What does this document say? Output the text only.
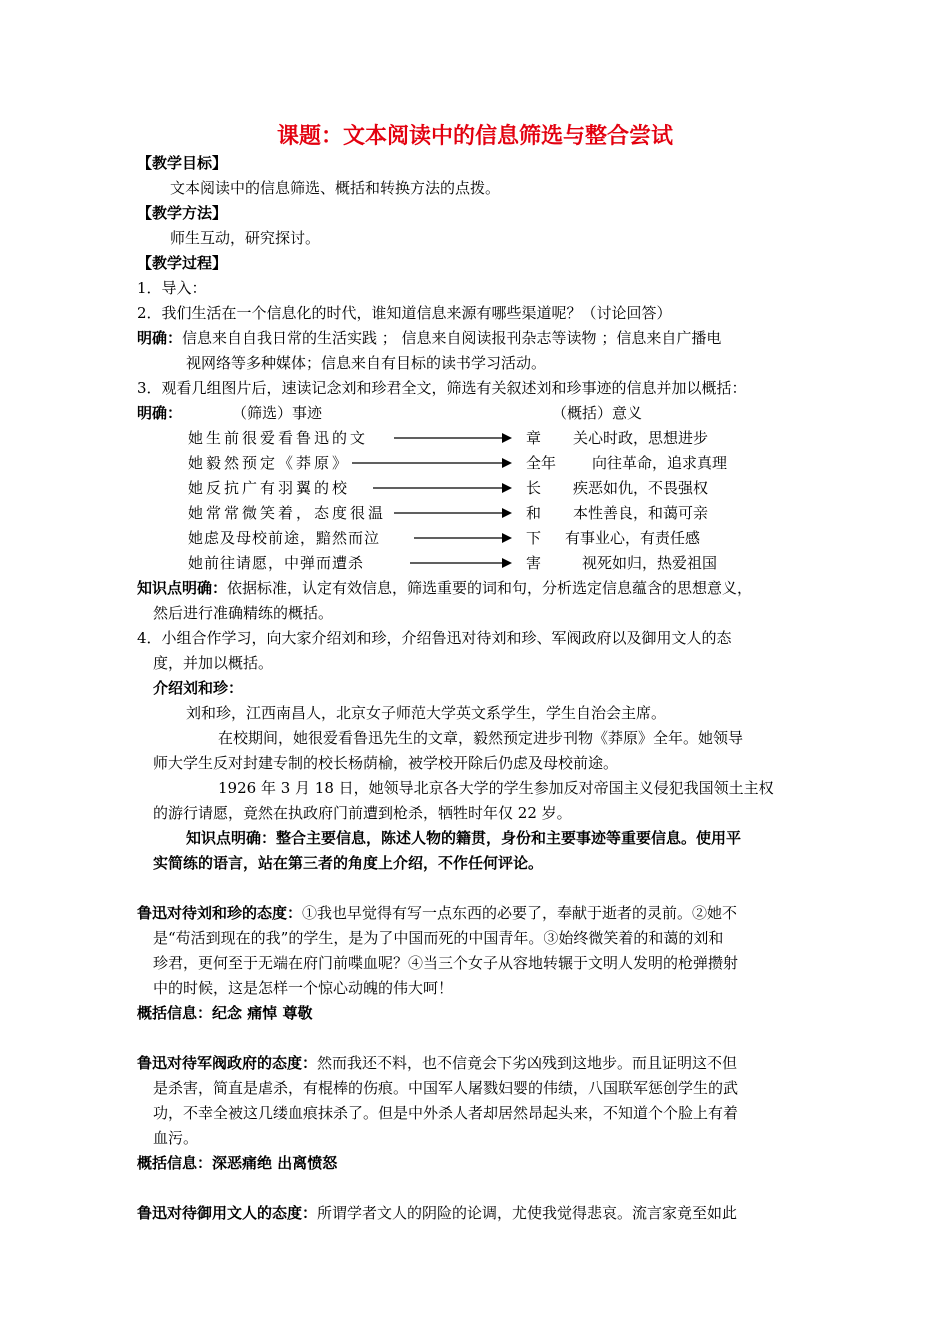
课题：文本阅读中的信息筛选与整合尝试
【教学目标】
文本阅读中的信息筛选、概括和转换方法的点拨。
【教学方法】
师生互动，研究探讨。
【教学过程】
1．导入：
2．我们生活在一个信息化的时代，谁知道信息来源有哪些渠道呢？（讨论回答）
明确：信息来自自我日常的生活实践 ； 信息来自阅读报刊杂志等读物 ；信息来自广播电
视网络等多种媒体；信息来自有目标的读书学习活动。
3．观看几组图片后，速读记念刘和珍君全文，筛选有关叙述刘和珍事迹的信息并加以概括：
明确：	（筛选）事迹	（概括）意义
她生前很爱看鲁迅的文	章 关心时政，思想进步
她毅然预定《莽原》	全年 向往革命，追求真理
她反抗广有羽翼的校	长 疾恶如仇，不畏强权
她常常微笑着，态度很温	和 本性善良，和蔼可亲
她虑及母校前途，黯然而泣	下 有事业心，有责任感
她前往请愿，中弹而遭杀	害	视死如归，热爱祖国
知识点明确：依据标准，认定有效信息，筛选重要的词和句，分析选定信息蕴含的思想意义，
然后进行准确精练的概括。
4．小组合作学习，向大家介绍刘和珍，介绍鲁迅对待刘和珍、军阀政府以及御用文人的态
度，并加以概括。
介绍刘和珍：
刘和珍，江西南昌人，北京女子师范大学英文系学生，学生自治会主席。
在校期间，她很爱看鲁迅先生的文章，毅然预定进步刊物《莽原》全年。她领导
师大学生反对封建专制的校长杨荫榆，被学校开除后仍虑及母校前途。
1926 年 3 月 18 日，她领导北京各大学的学生参加反对帝国主义侵犯我国领土主权
的游行请愿，竟然在执政府门前遭到枪杀，牺牲时年仅 22 岁。
知识点明确：整合主要信息，陈述人物的籍贯，身份和主要事迹等重要信息。使用平
实简练的语言，站在第三者的角度上介绍，不作任何评论。
鲁迅对待刘和珍的态度：①我也早觉得有写一点东西的必要了，奉献于逝者的灵前。②她不
是“苟活到现在的我”的学生，是为了中国而死的中国青年。③始终微笑着的和蔼的刘和
珍君，更何至于无端在府门前喋血呢？④当三个女子从容地转辗于文明人发明的枪弹攒射
中的时候，这是怎样一个惊心动魄的伟大呵！
概括信息：纪念 痛悼 尊敬
鲁迅对待军阀政府的态度：然而我还不料，也不信竟会下劣凶残到这地步。而且证明这不但
是杀害，简直是虐杀，有棍棒的伤痕。中国军人屠戮妇婴的伟绩，八国联军惩创学生的武
功，不幸全被这几缕血痕抹杀了。但是中外杀人者却居然昂起头来，不知道个个脸上有着
血污。
概括信息：深恶痛绝 出离愤怒
鲁迅对待御用文人的态度：所谓学者文人的阴险的论调，尤使我觉得悲哀。流言家竟至如此
